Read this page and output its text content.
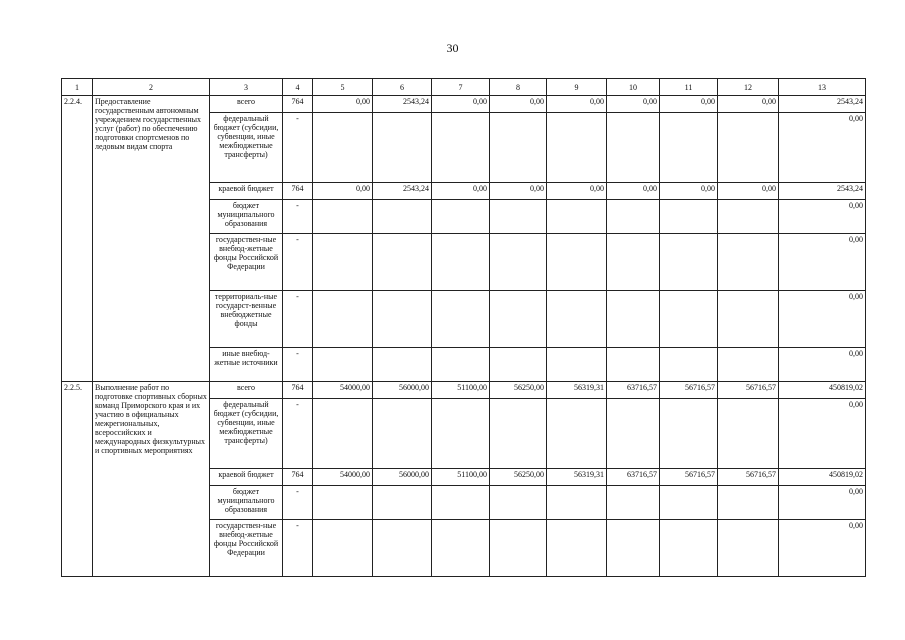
30
1	2	3	4	5	6	7	8	9	10	11	12	13
2.2.4.	Предоставление государственным автономным учреждением государственных услуг (работ) по обеспечению подготовки спортсменов по ледовым видам спорта	всего	764	0,00	2543,24	0,00	0,00	0,00	0,00	0,00	0,00	2543,24
		федеральный бюджет (субсидии, субвенции, иные межбюджетные трансферты)	-									0,00
		краевой бюджет	764	0,00	2543,24	0,00	0,00	0,00	0,00	0,00	0,00	2543,24
		бюджет муниципального образования	-									0,00
		государствен-ные внебюд-жетные фонды Российской Федерации	-									0,00
		территориаль-ные государст-венные внебюджетные фонды	-									0,00
		иные внебюд-жетные источники	-									0,00
2.2.5.	Выполнение работ по подготовке спортивных сборных команд Приморского края и их участию в официальных межрегиональных, всероссийских и международных физкультурных и спортивных мероприятиях	всего	764	54000,00	56000,00	51100,00	56250,00	56319,31	63716,57	56716,57	56716,57	450819,02
		федеральный бюджет (субсидии, субвенции, иные межбюджетные трансферты)	-									0,00
		краевой бюджет	764	54000,00	56000,00	51100,00	56250,00	56319,31	63716,57	56716,57	56716,57	450819,02
		бюджет муниципального образования	-									0,00
		государствен-ные внебюд-жетные фонды Российской Федерации	-									0,00
